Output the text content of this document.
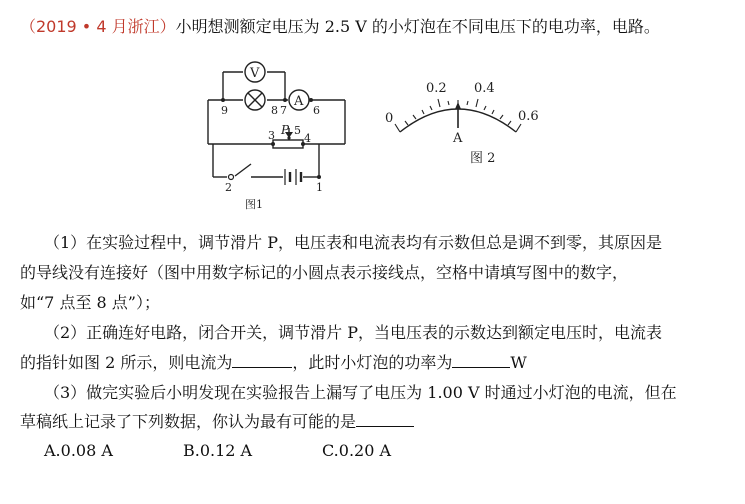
（2019 • 4 月浙江）小明想测额定电压为 2.5 V 的小灯泡在不同电压下的电功率，电路。
V
A
P
9	8 7 6
5
4
3
2	1
图1
0
0.2 0.4
0.6
A
图 2
（1）在实验过程中，调节滑片 P，电压表和电流表均有示数但总是调不到零，其原因是
的导线没有连接好（图中用数字标记的小圆点表示接线点，空格中请填写图中的数字，
如“7 点至 8 点”）；
（2）正确连好电路，闭合开关，调节滑片 P，当电压表的示数达到额定电压时，电流表
的指针如图 2 所示，则电流为	，此时小灯泡的功率为	W
（3）做完实验后小明发现在实验报告上漏写了电压为 1.00 V 时通过小灯泡的电流，但在
草稿纸上记录了下列数据，你认为最有可能的是
A.0.08 A	B.0.12 A	C.0.20 A
